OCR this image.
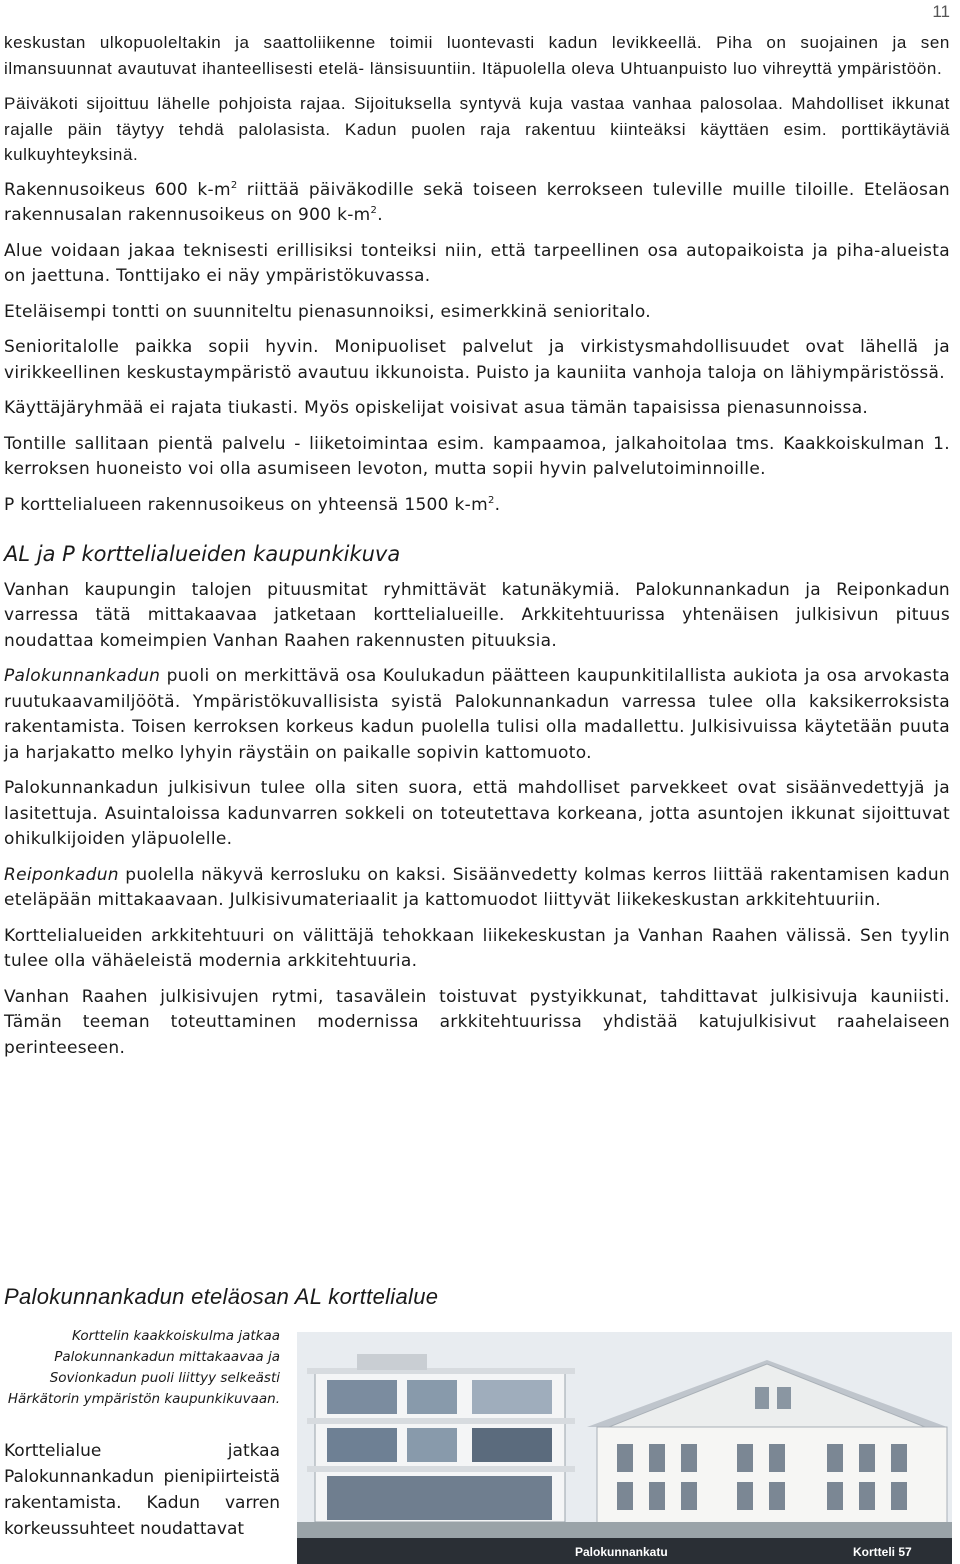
11

keskustan ulkopuoleltakin ja saattoliikenne toimii luontevasti kadun levikkeellä. Piha on suojainen ja sen ilmansuunnat avautuvat ihanteellisesti etelä- länsisuuntiin. Itäpuolella oleva Uhtuanpuisto luo vihreyttä ympäristöön.

Päiväkoti sijoittuu lähelle pohjoista rajaa. Sijoituksella syntyvä kuja vastaa vanhaa palosolaa. Mahdolliset ikkunat rajalle päin täytyy tehdä palolasista. Kadun puolen raja rakentuu kiinteäksi käyttäen esim. porttikäytäviä kulkuyhteyksinä.

Rakennusoikeus 600 $k-m^2$ riittää päiväkodille sekä toiseen kerrokseen tuleville muille tiloille. Eteläosan rakennusalan rakennusoikeus on 900 $k-m^2$.

Alue voidaan jakaa teknisesti erillisiksi tonteiksi niin, että tarpeellinen osa autopaikoista ja piha-alueista on jaettuna. Tonttijako ei näy ympäristökuvassa.

Eteläisempi tontti on suunniteltu pienasunnoiksi, esimerkkinä senioritalo.

Senioritalolle paikka sopii hyvin. Monipuoliset palvelut ja virkistysmahdollisuudet ovat lähellä ja virikkeellinen keskustaympäristö avautuu ikkunoista. Puisto ja kauniita vanhoja taloja on lähiympäristössä.

Käyttäjäryhmää ei rajata tiukasti. Myös opiskelijat voisivat asua tämän tapaisissa pienasunnoissa.

Tontille sallitaan pientä palvelu - liiketoimintaa esim. kampaamoa, jalkahoitolaa tms. Kaakkoiskulman 1. kerroksen huoneisto voi olla asumiseen levoton, mutta sopii hyvin palvelutoiminnoille.

P korttelialueen rakennusoikeus on yhteensä 1500 $k-m^2$.

AL ja P korttelialueiden kaupunkikuva

Vanhan kaupungin talojen pituusmitat ryhmittävät katunäkymiä. Palokunnankadun ja Reiponkadun varressa tätä mittakaavaa jatketaan korttelialueille. Arkkitehtuurissa yhtenäisen julkisivun pituus noudattaa komeimpien Vanhan Raahen rakennusten pituuksia.

Palokunnankadun puoli on merkittävä osa Koulukadun päätteen kaupunkitilallista aukiota ja osa arvokasta ruutukaavamiljöötä. Ympäristökuvallisista syistä Palokunnankadun varressa tulee olla kaksikerroksista rakentamista. Toisen kerroksen korkeus kadun puolella tulisi olla madallettu. Julkisivuissa käytetään puuta ja harjakatto melko lyhyin räystäin on paikalle sopivin kattomuoto.

Palokunnankadun julkisivun tulee olla siten suora, että mahdolliset parvekkeet ovat sisäänvedettyjä ja lasitettuja. Asuintaloissa kadunvarren sokkeli on toteutettava korkeana, jotta asuntojen ikkunat sijoittuvat ohikulkijoiden yläpuolelle.

Reiponkadun puolella näkyvä kerrosluku on kaksi. Sisäänvedetty kolmas kerros liittää rakentamisen kadun eteläpään mittakaavaan. Julkisivumateriaalit ja kattomuodot liittyvät liikekeskustan arkkitehtuuriin.

Korttelialueiden arkkitehtuuri on välittäjä tehokkaan liikekeskustan ja Vanhan Raahen välissä. Sen tyylin tulee olla vähäeleistä modernia arkkitehtuuria.

Vanhan Raahen julkisivujen rytmi, tasavälein toistuvat pystyikkunat, tahdittavat julkisivuja kauniisti. Tämän teeman toteuttaminen modernissa arkkitehtuurissa yhdistää katujulkisivut raahelaiseen perinteeseen.

Palokunnankadun eteläosan AL korttelialue
Korttelin kaakkoiskulma jatkaa Palokunnankadun mittakaavaa ja Sovionkadun puoli liittyy selkeästi Härkätorin ympäristön kaupunkikuvaan.
Korttelialue jatkaa Palokunnankadun pienipiirteistä rakentamista. Kadun varren korkeussuhteet noudattavat
Palokunnankatu	Kortteli 57
